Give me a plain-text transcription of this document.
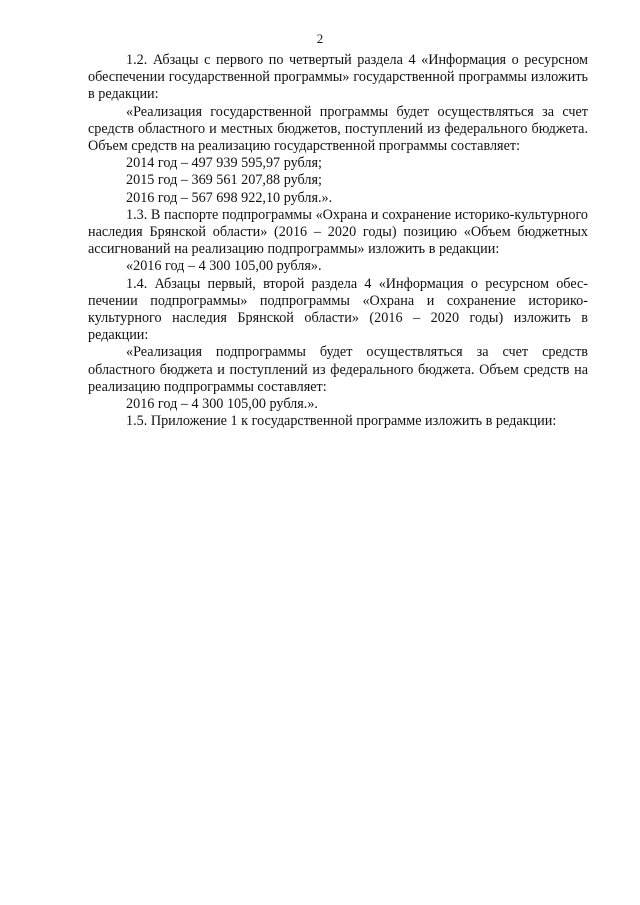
2

1.2. Абзацы с первого по четвертый раздела 4 «Информация о ресурсном обеспечении государственной программы» государственной программы изложить в редакции:

«Реализация государственной программы будет осуществляться за счет средств областного и местных бюджетов, поступлений из федерального бюджета. Объем средств на реализацию государственной программы составляет:

2014 год – 497 939 595,97 рубля;

2015 год – 369 561 207,88 рубля;

2016 год – 567 698 922,10 рубля.».

1.3. В паспорте подпрограммы «Охрана и сохранение историко-культурного наследия Брянской области» (2016 – 2020 годы) позицию «Объем бюджетных ассигнований на реализацию подпрограммы» изложить в редакции:

«2016 год – 4 300 105,00 рубля».

1.4. Абзацы первый, второй раздела 4 «Информация о ресурсном обеспечении подпрограммы» подпрограммы «Охрана и сохранение историко-культурного наследия Брянской области» (2016 – 2020 годы) изложить в редакции:

«Реализация подпрограммы будет осуществляться за счет средств областного бюджета и поступлений из федерального бюджета. Объем средств на реализацию подпрограммы составляет:

2016 год – 4 300 105,00 рубля.».

1.5. Приложение 1 к государственной программе изложить в редакции:
